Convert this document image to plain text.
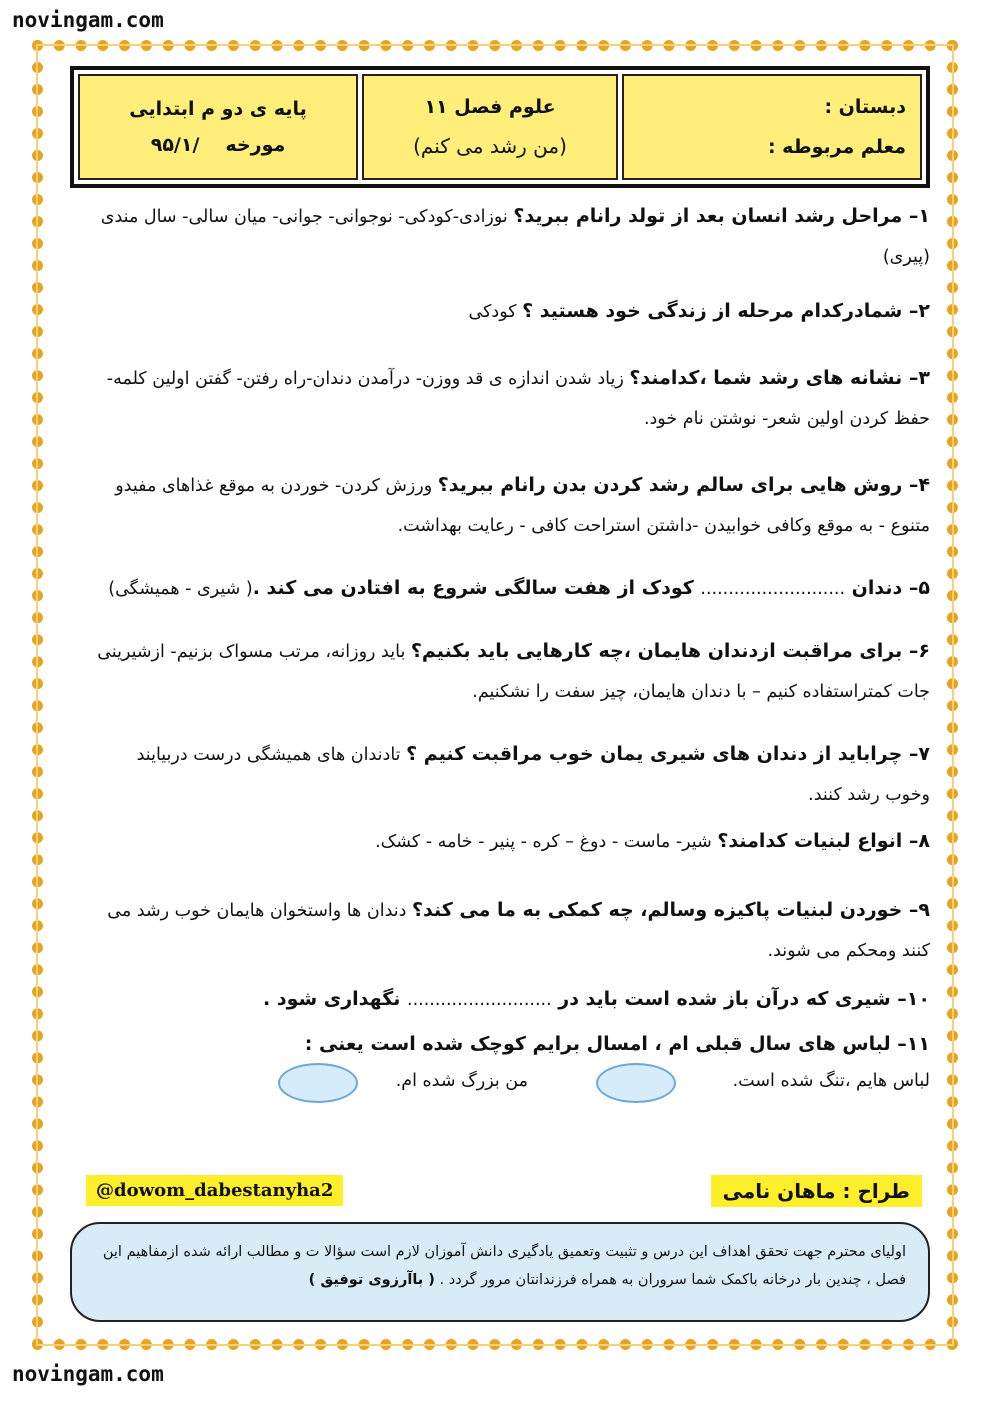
novingam.com
دبستان :
معلم مربوطه :
علوم فصل ۱۱
(من رشد می کنم)
پایه ی دو م ابتدایی
مورخه
/۹۵/۱

۱– مراحل رشد انسان بعد از تولد رانام ببرید؟ نوزادی-کودکی- نوجوانی- جوانی- میان سالی- سال مندی (پیری)

۲– شمادرکدام مرحله از زندگی خود هستید ؟ کودکی

۳– نشانه های رشد شما ،کدامند؟ زیاد شدن اندازه ی قد ووزن- درآمدن دندان-راه رفتن- گفتن اولین کلمه- حفظ کردن اولین شعر- نوشتن نام خود.

۴– روش هایی برای سالم رشد کردن بدن رانام ببرید؟ ورزش کردن- خوردن به موقع غذاهای مفیدو متنوع - به موقع وکافی خوابیدن -داشتن استراحت کافی - رعایت بهداشت.

۵– دندان .......................... کودک از هفت سالگی شروع به افتادن می کند .( شیری - همیشگی)

۶– برای مراقبت ازدندان هایمان ،چه کارهایی باید بکنیم؟ باید روزانه، مرتب مسواک بزنیم- ازشیرینی جات کمتراستفاده کنیم – با دندان هایمان، چیز سفت را نشکنیم.

۷– چراباید از دندان های شیری یمان خوب مراقبت کنیم ؟ تادندان های همیشگی درست دربیایند وخوب رشد کنند.

۸– انواع لبنیات کدامند؟ شیر- ماست - دوغ – کره - پنیر - خامه - کشک.

۹– خوردن لبنیات پاکیزه وسالم، چه کمکی به ما می کند؟ دندان ها واستخوان هایمان خوب رشد می کنند ومحکم می شوند.

۱۰– شیری که درآن باز شده است باید در .......................... نگهداری شود .

۱۱– لباس های سال قبلی ام ، امسال برایم کوچک شده است یعنی :

لباس هایم ،تنگ شده است.
من بزرگ شده ام.
طراح : ماهان نامی
@dowom_dabestanyha2
اولیای محترم جهت تحقق اهداف این درس و تثبیت وتعمیق یادگیری دانش آموزان لازم است سؤالا ت و مطالب ارائه شده ازمفاهیم این فصل ، چندین بار درخانه باکمک شما سروران به همراه فرزندانتان مرور گردد . ( باآرزوی توفیق )
novingam.com
